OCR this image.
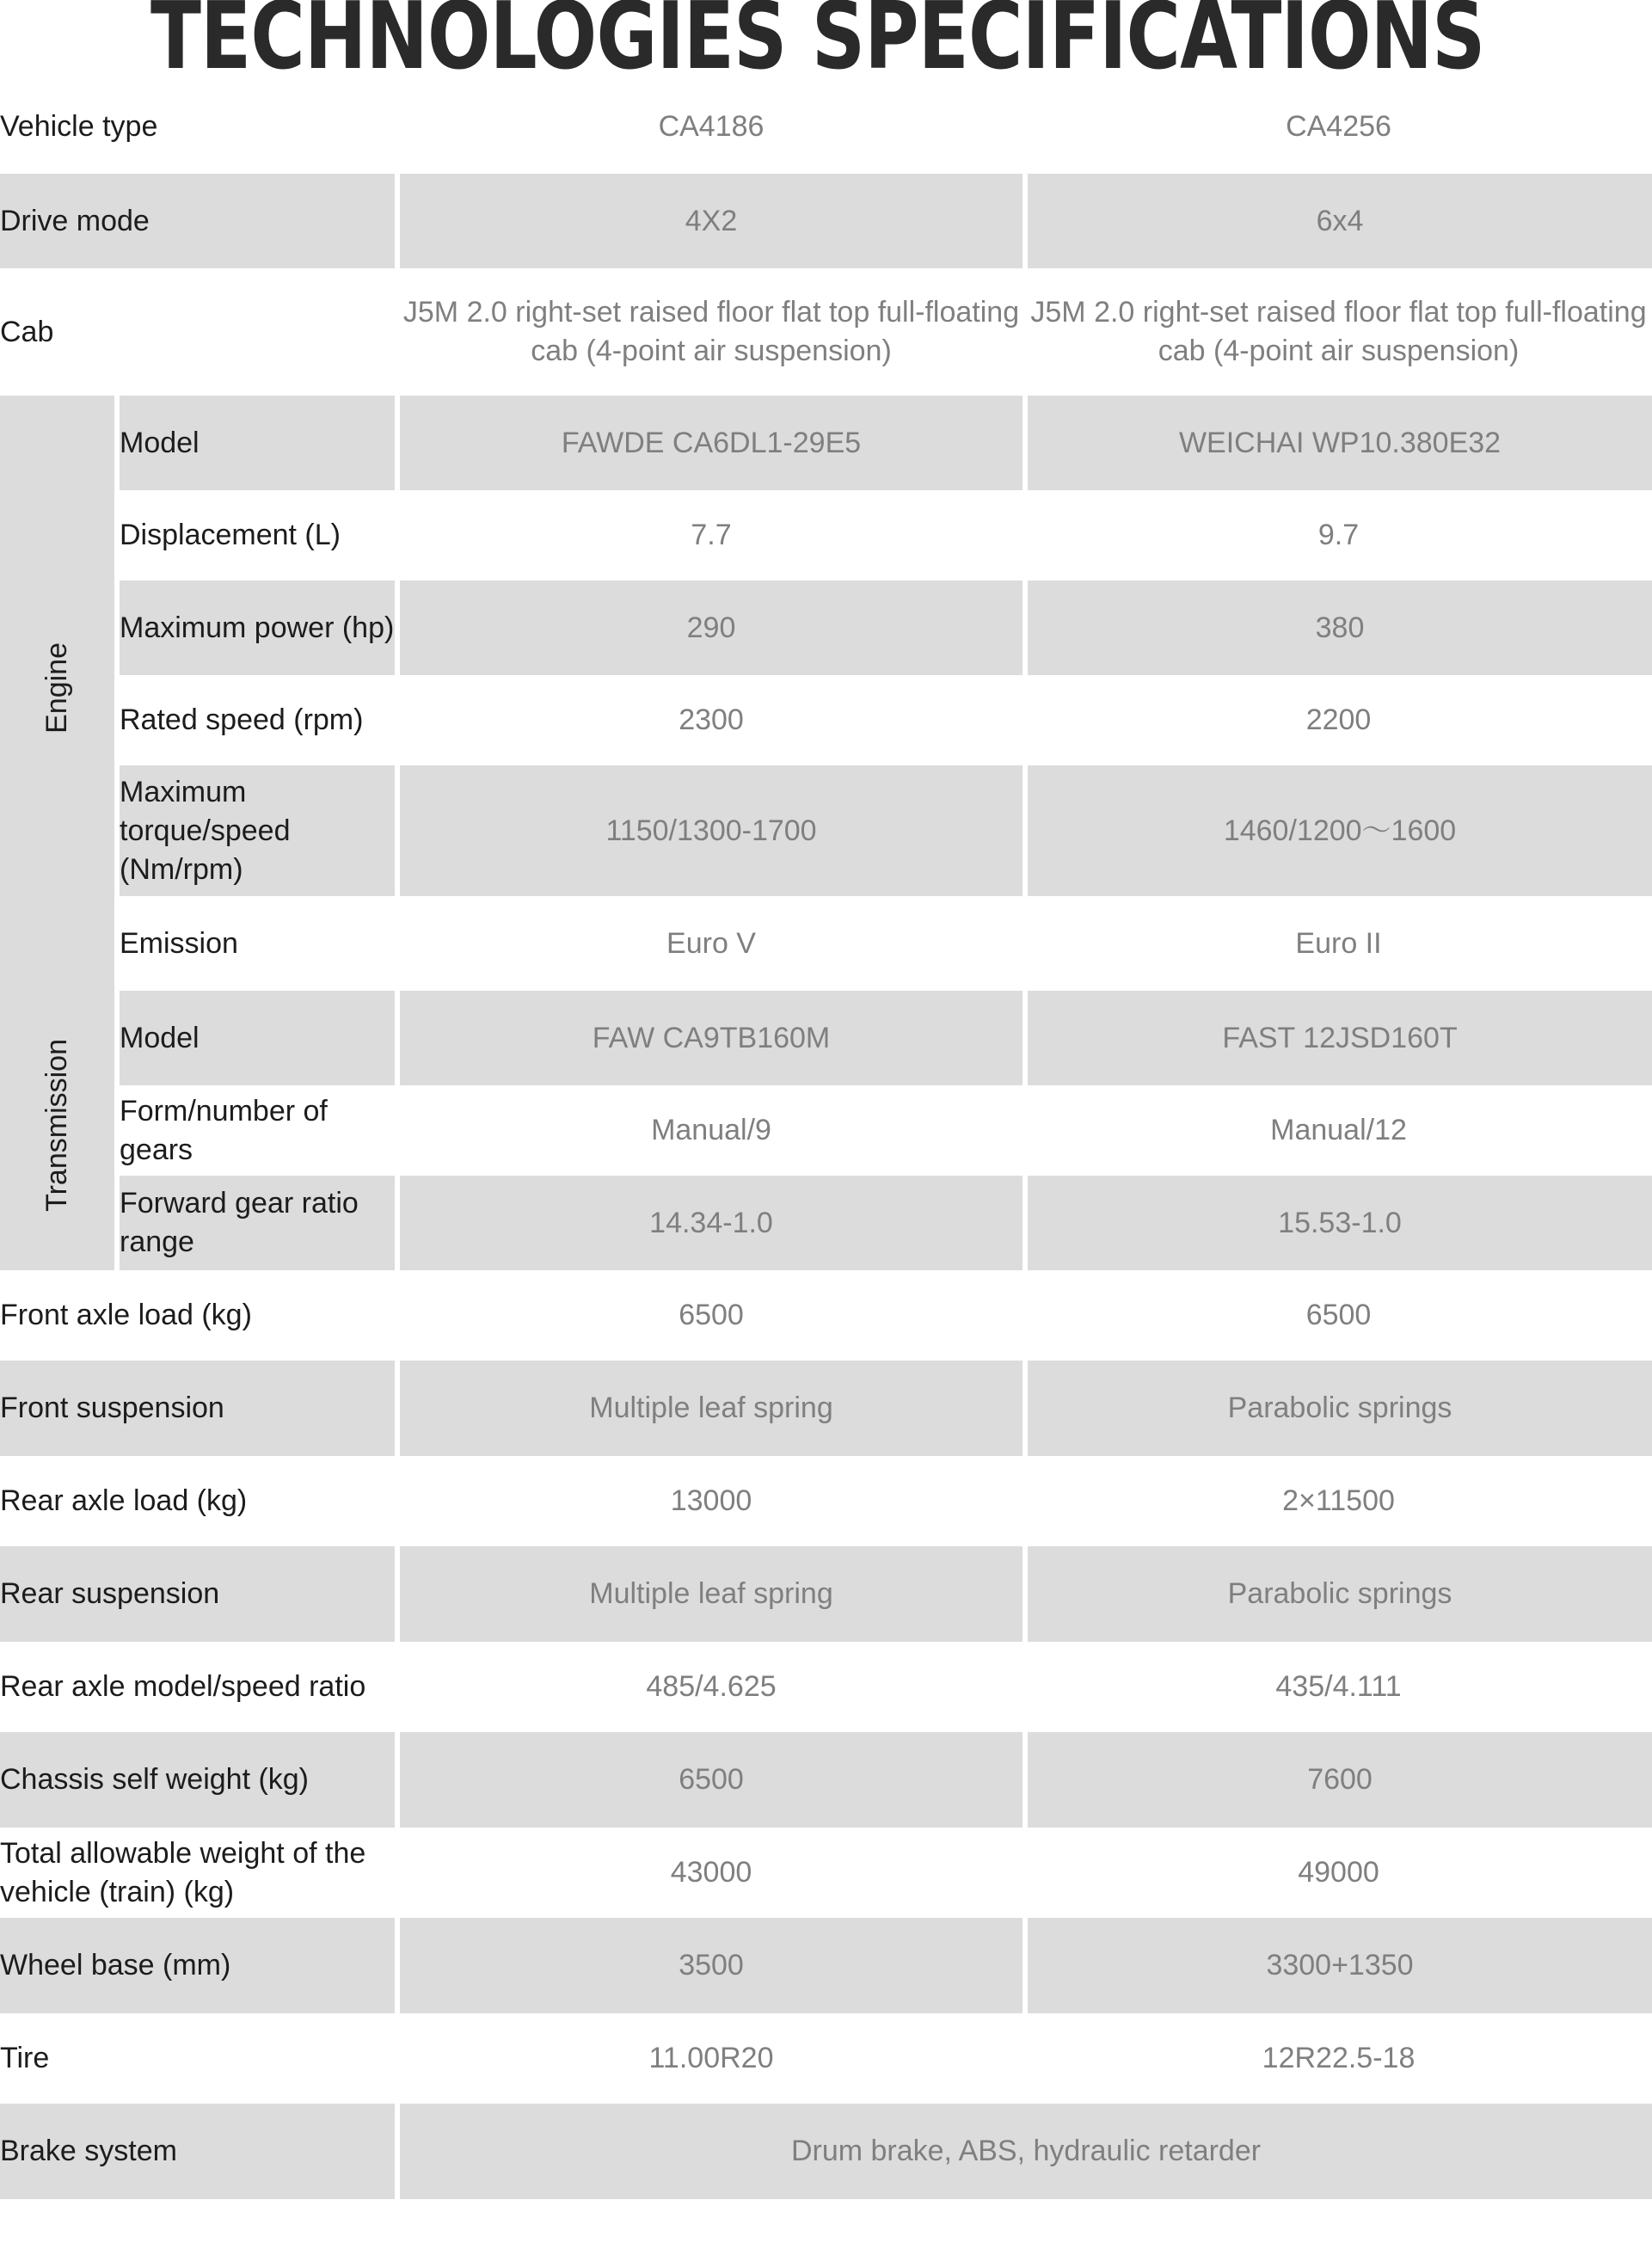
TECHNOLOGIES SPECIFICATIONS
Vehicle type		CA4186	CA4256
Drive mode		4X2	6x4
Cab		J5M 2.0 right-set raised floor flat top full-floating cab (4-point air suspension)	J5M 2.0 right-set raised floor flat top full-floating cab (4-point air suspension)
Engine	Model	FAWDE CA6DL1-29E5	WEICHAI WP10.380E32
	Displacement (L)	7.7	9.7
	Maximum power (hp)	290	380
	Rated speed (rpm)	2300	2200
	Maximum torque/speed (Nm/rpm)	1150/1300-1700	1460/1200～1600
	Emission	Euro V	Euro II
Transmission	Model	FAW CA9TB160M	FAST 12JSD160T
	Form/number of gears	Manual/9	Manual/12
	Forward gear ratio range	14.34-1.0	15.53-1.0
Front axle load (kg)		6500	6500
Front suspension		Multiple leaf spring	Parabolic springs
Rear axle load (kg)		13000	2×11500
Rear suspension		Multiple leaf spring	Parabolic springs
Rear axle model/speed ratio		485/4.625	435/4.111
Chassis self weight (kg)		6500	7600
Total allowable weight of the vehicle (train) (kg)		43000	49000
Wheel base (mm)		3500	3300+1350
Tire		11.00R20	12R22.5-18
Brake system		Drum brake, ABS, hydraulic retarder	
